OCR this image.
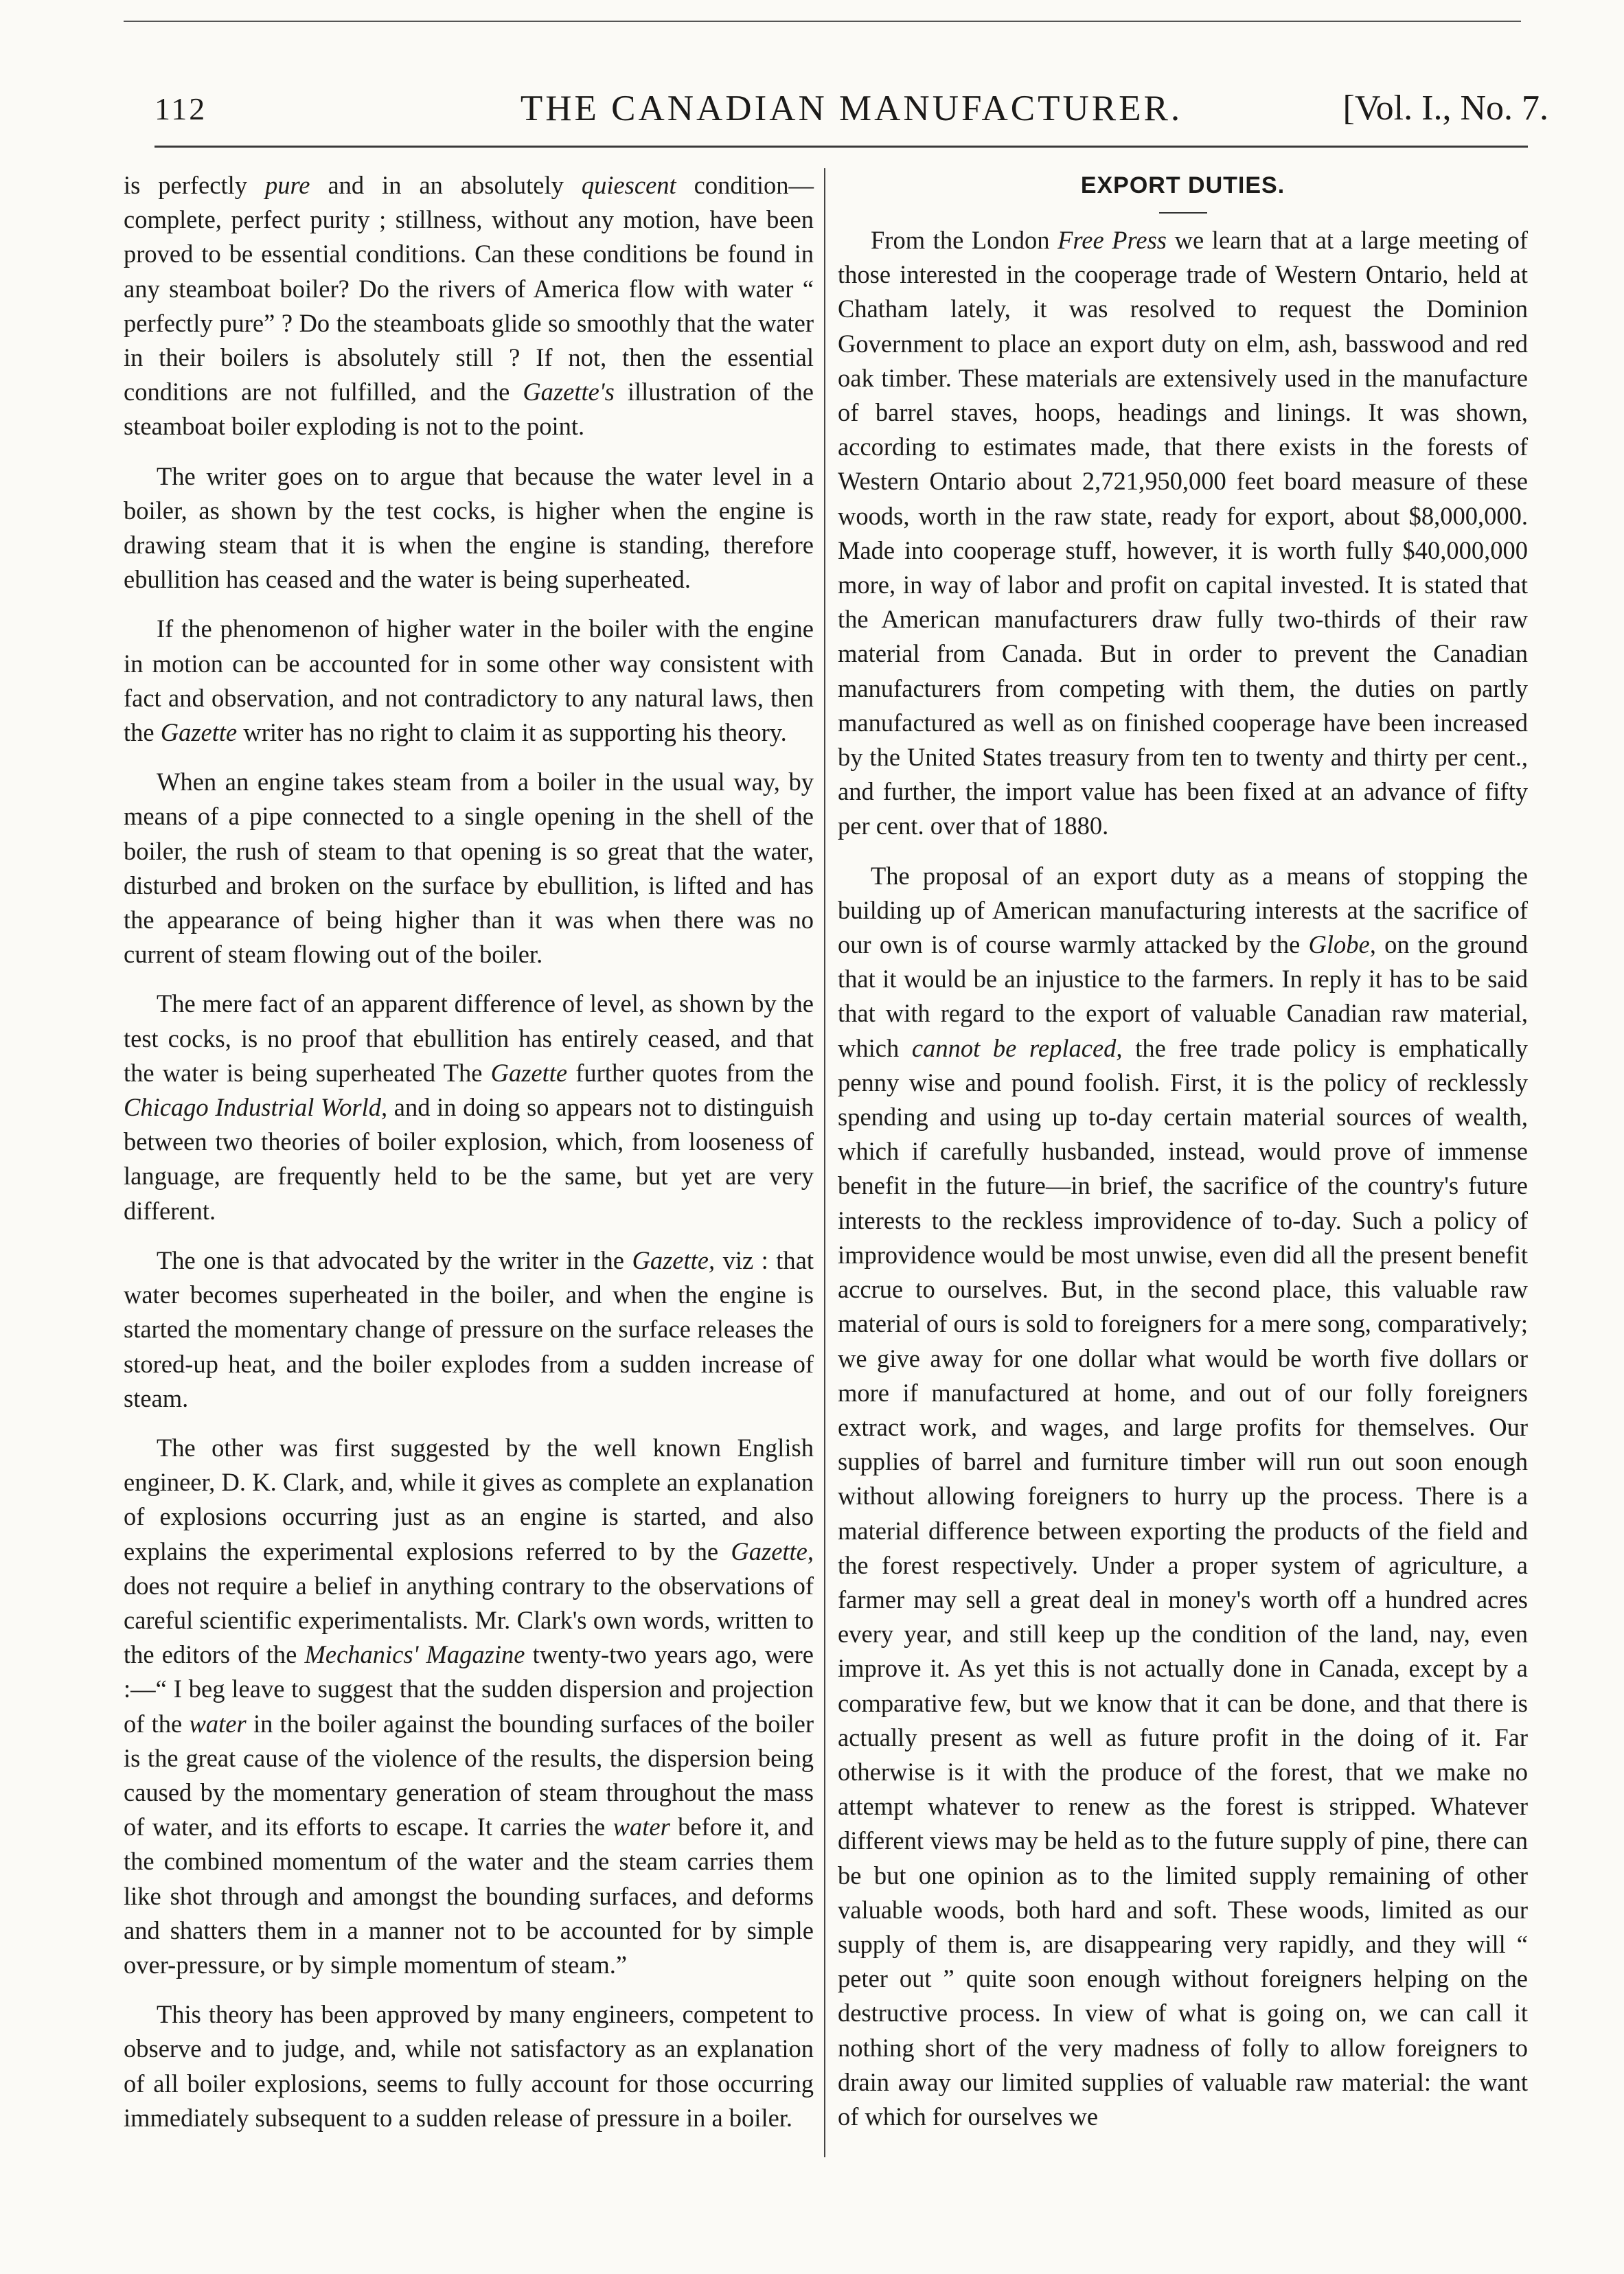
112	THE CANADIAN MANUFACTURER.	[Vol. I., No. 7.

is perfectly pure and in an absolutely quiescent condition—complete, perfect purity ; stillness, without any motion, have been proved to be essential conditions. Can these conditions be found in any steamboat boiler? Do the rivers of America flow with water “ perfectly pure” ? Do the steamboats glide so smoothly that the water in their boilers is absolutely still ? If not, then the essential conditions are not fulfilled, and the Gazette's illustration of the steamboat boiler exploding is not to the point.

The writer goes on to argue that because the water level in a boiler, as shown by the test cocks, is higher when the engine is drawing steam that it is when the engine is standing, therefore ebullition has ceased and the water is being superheated.

If the phenomenon of higher water in the boiler with the engine in motion can be accounted for in some other way consistent with fact and observation, and not contradictory to any natural laws, then the Gazette writer has no right to claim it as supporting his theory.

When an engine takes steam from a boiler in the usual way, by means of a pipe connected to a single opening in the shell of the boiler, the rush of steam to that opening is so great that the water, disturbed and broken on the surface by ebullition, is lifted and has the appearance of being higher than it was when there was no current of steam flowing out of the boiler.

The mere fact of an apparent difference of level, as shown by the test cocks, is no proof that ebullition has entirely ceased, and that the water is being superheated The Gazette further quotes from the Chicago Industrial World, and in doing so appears not to distinguish between two theories of boiler explosion, which, from looseness of language, are frequently held to be the same, but yet are very different.

The one is that advocated by the writer in the Gazette, viz : that water becomes superheated in the boiler, and when the engine is started the momentary change of pressure on the surface releases the stored-up heat, and the boiler explodes from a sudden increase of steam.

The other was first suggested by the well known English engineer, D. K. Clark, and, while it gives as complete an explanation of explosions occurring just as an engine is started, and also explains the experimental explosions referred to by the Gazette, does not require a belief in anything contrary to the observations of careful scientific experimentalists. Mr. Clark's own words, written to the editors of the Mechanics' Magazine twenty-two years ago, were :—“ I beg leave to suggest that the sudden dispersion and projection of the water in the boiler against the bounding surfaces of the boiler is the great cause of the violence of the results, the dispersion being caused by the momentary generation of steam throughout the mass of water, and its efforts to escape. It carries the water before it, and the combined momentum of the water and the steam carries them like shot through and amongst the bounding surfaces, and deforms and shatters them in a manner not to be accounted for by simple over-pressure, or by simple momentum of steam.”

This theory has been approved by many engineers, competent to observe and to judge, and, while not satisfactory as an explanation of all boiler explosions, seems to fully account for those occurring immediately subsequent to a sudden release of pressure in a boiler.

EXPORT DUTIES.

From the London Free Press we learn that at a large meeting of those interested in the cooperage trade of Western Ontario, held at Chatham lately, it was resolved to request the Dominion Government to place an export duty on elm, ash, basswood and red oak timber. These materials are extensively used in the manufacture of barrel staves, hoops, headings and linings. It was shown, according to estimates made, that there exists in the forests of Western Ontario about 2,721,950,000 feet board measure of these woods, worth in the raw state, ready for export, about $8,000,000. Made into cooperage stuff, however, it is worth fully $40,000,000 more, in way of labor and profit on capital invested. It is stated that the American manufacturers draw fully two-thirds of their raw material from Canada. But in order to prevent the Canadian manufacturers from competing with them, the duties on partly manufactured as well as on finished cooperage have been increased by the United States treasury from ten to twenty and thirty per cent., and further, the import value has been fixed at an advance of fifty per cent. over that of 1880.

The proposal of an export duty as a means of stopping the building up of American manufacturing interests at the sacrifice of our own is of course warmly attacked by the Globe, on the ground that it would be an injustice to the farmers. In reply it has to be said that with regard to the export of valuable Canadian raw material, which cannot be replaced, the free trade policy is emphatically penny wise and pound foolish. First, it is the policy of recklessly spending and using up to-day certain material sources of wealth, which if carefully husbanded, instead, would prove of immense benefit in the future—in brief, the sacrifice of the country's future interests to the reckless improvidence of to-day. Such a policy of improvidence would be most unwise, even did all the present benefit accrue to ourselves. But, in the second place, this valuable raw material of ours is sold to foreigners for a mere song, comparatively; we give away for one dollar what would be worth five dollars or more if manufactured at home, and out of our folly foreigners extract work, and wages, and large profits for themselves. Our supplies of barrel and furniture timber will run out soon enough without allowing foreigners to hurry up the process. There is a material difference between exporting the products of the field and the forest respectively. Under a proper system of agriculture, a farmer may sell a great deal in money's worth off a hundred acres every year, and still keep up the condition of the land, nay, even improve it. As yet this is not actually done in Canada, except by a comparative few, but we know that it can be done, and that there is actually present as well as future profit in the doing of it. Far otherwise is it with the produce of the forest, that we make no attempt whatever to renew as the forest is stripped. Whatever different views may be held as to the future supply of pine, there can be but one opinion as to the limited supply remaining of other valuable woods, both hard and soft. These woods, limited as our supply of them is, are disappearing very rapidly, and they will “ peter out ” quite soon enough without foreigners helping on the destructive process. In view of what is going on, we can call it nothing short of the very madness of folly to allow foreigners to drain away our limited supplies of valuable raw material: the want of which for ourselves we
